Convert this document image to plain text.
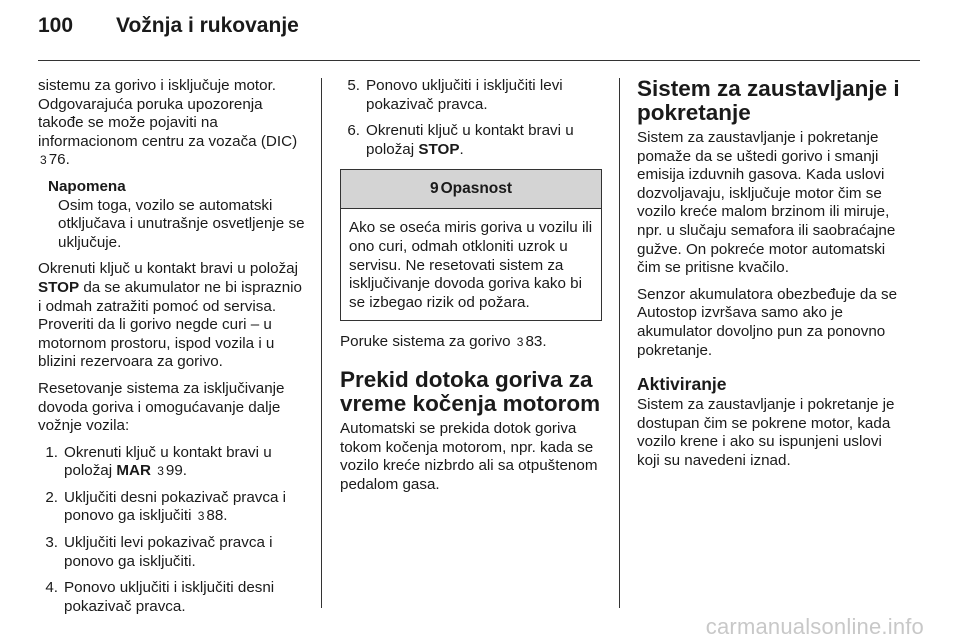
100	Vožnja i rukovanje

sistemu za gorivo i isključuje motor. Odgovarajuća poruka upozorenja takođe se može pojaviti na informacionom centru za vozača (DIC) 3 76.

Napomena
Osim toga, vozilo se automatski otključava i unutrašnje osvetljenje se uključuje.

Okrenuti ključ u kontakt bravi u položaj STOP da se akumulator ne bi ispraznio i odmah zatražiti pomoć od servisa. Proveriti da li gorivo negde curi – u motornom prostoru, ispod vozila i u blizini rezervoara za gorivo.

Resetovanje sistema za isključivanje dovoda goriva i omogućavanje dalje vožnje vozila:

1. Okrenuti ključ u kontakt bravi u položaj MAR 3 99.
2. Uključiti desni pokazivač pravca i ponovo ga isključiti 3 88.
3. Uključiti levi pokazivač pravca i ponovo ga isključiti.
4. Ponovo uključiti i isključiti desni pokazivač pravca.
5. Ponovo uključiti i isključiti levi pokazivač pravca.
6. Okrenuti ključ u kontakt bravi u položaj STOP.
9 Opasnost
Ako se oseća miris goriva u vozilu ili ono curi, odmah otkloniti uzrok u servisu. Ne resetovati sistem za isključivanje dovoda goriva kako bi se izbegao rizik od požara.

Poruke sistema za gorivo 3 83.

Prekid dotoka goriva za vreme kočenja motorom

Automatski se prekida dotok goriva tokom kočenja motorom, npr. kada se vozilo kreće nizbrdo ali sa otpuštenom pedalom gasa.

Sistem za zaustavljanje i pokretanje

Sistem za zaustavljanje i pokretanje pomaže da se uštedi gorivo i smanji emisija izduvnih gasova. Kada uslovi dozvoljavaju, isključuje motor čim se vozilo kreće malom brzinom ili miruje, npr. u slučaju semafora ili saobraćajne gužve. On pokreće motor automatski čim se pritisne kvačilo.

Senzor akumulatora obezbeđuje da se Autostop izvršava samo ako je akumulator dovoljno pun za ponovno pokretanje.

Aktiviranje

Sistem za zaustavljanje i pokretanje je dostupan čim se pokrene motor, kada vozilo krene i ako su ispunjeni uslovi koji su navedeni iznad.

carmanualsonline.info
